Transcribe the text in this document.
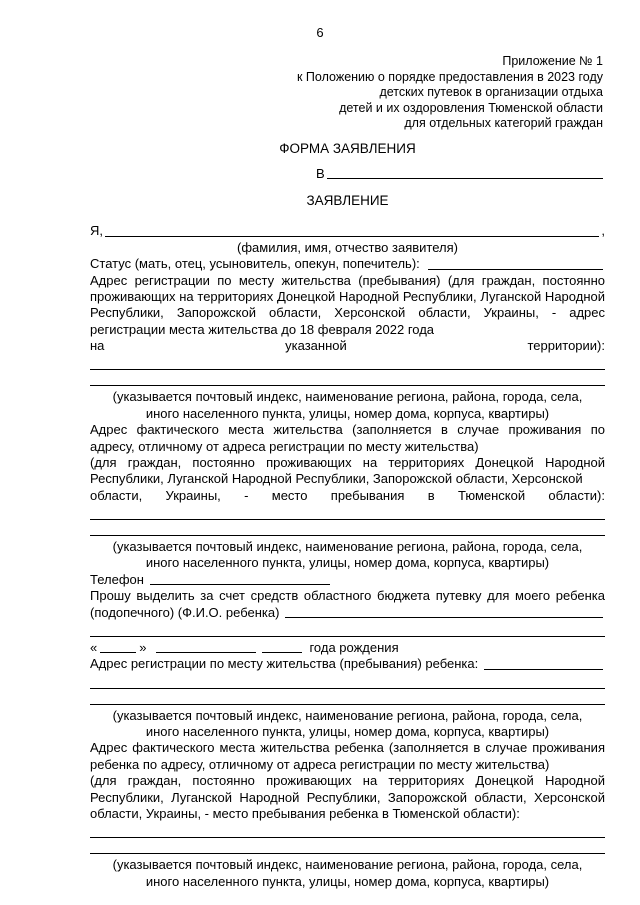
6
Приложение № 1
к Положению о порядке предоставления в 2023 году
детских путевок в организации отдыха
детей и их оздоровления Тюменской области
для отдельных категорий граждан
ФОРМА ЗАЯВЛЕНИЯ
В
ЗАЯВЛЕНИЕ
Я,	,
(фамилия, имя, отчество заявителя)
Статус (мать, отец, усыновитель, опекун, попечитель):
Адрес регистрации по месту жительства (пребывания) (для граждан, постоянно проживающих на территориях Донецкой Народной Республики, Луганской Народной Республики, Запорожской области, Херсонской области, Украины, - адрес регистрации места жительства до 18 февраля 2022 года
на указанной территории):
(указывается почтовый индекс, наименование региона, района, города, села,
иного населенного пункта, улицы, номер дома, корпуса, квартиры)
Адрес фактического места жительства (заполняется в случае проживания по адресу, отличному от адреса регистрации по месту жительства)
(для граждан, постоянно проживающих на территориях Донецкой Народной Республики, Луганской Народной Республики, Запорожской области, Херсонской
области, Украины, - место пребывания в Тюменской области):
(указывается почтовый индекс, наименование региона, района, города, села,
иного населенного пункта, улицы, номер дома, корпуса, квартиры)
Телефон
Прошу выделить за счет средств областного бюджета путевку для моего ребенка
(подопечного) (Ф.И.О. ребенка)
«	»	года рождения
Адрес регистрации по месту жительства (пребывания) ребенка:
(указывается почтовый индекс, наименование региона, района, города, села,
иного населенного пункта, улицы, номер дома, корпуса, квартиры)
Адрес фактического места жительства ребенка (заполняется в случае проживания ребенка по адресу, отличному от адреса регистрации по месту жительства)
(для граждан, постоянно проживающих на территориях Донецкой Народной Республики, Луганской Народной Республики, Запорожской области, Херсонской области, Украины, - место пребывания ребенка в Тюменской области):
(указывается почтовый индекс, наименование региона, района, города, села,
иного населенного пункта, улицы, номер дома, корпуса, квартиры)
